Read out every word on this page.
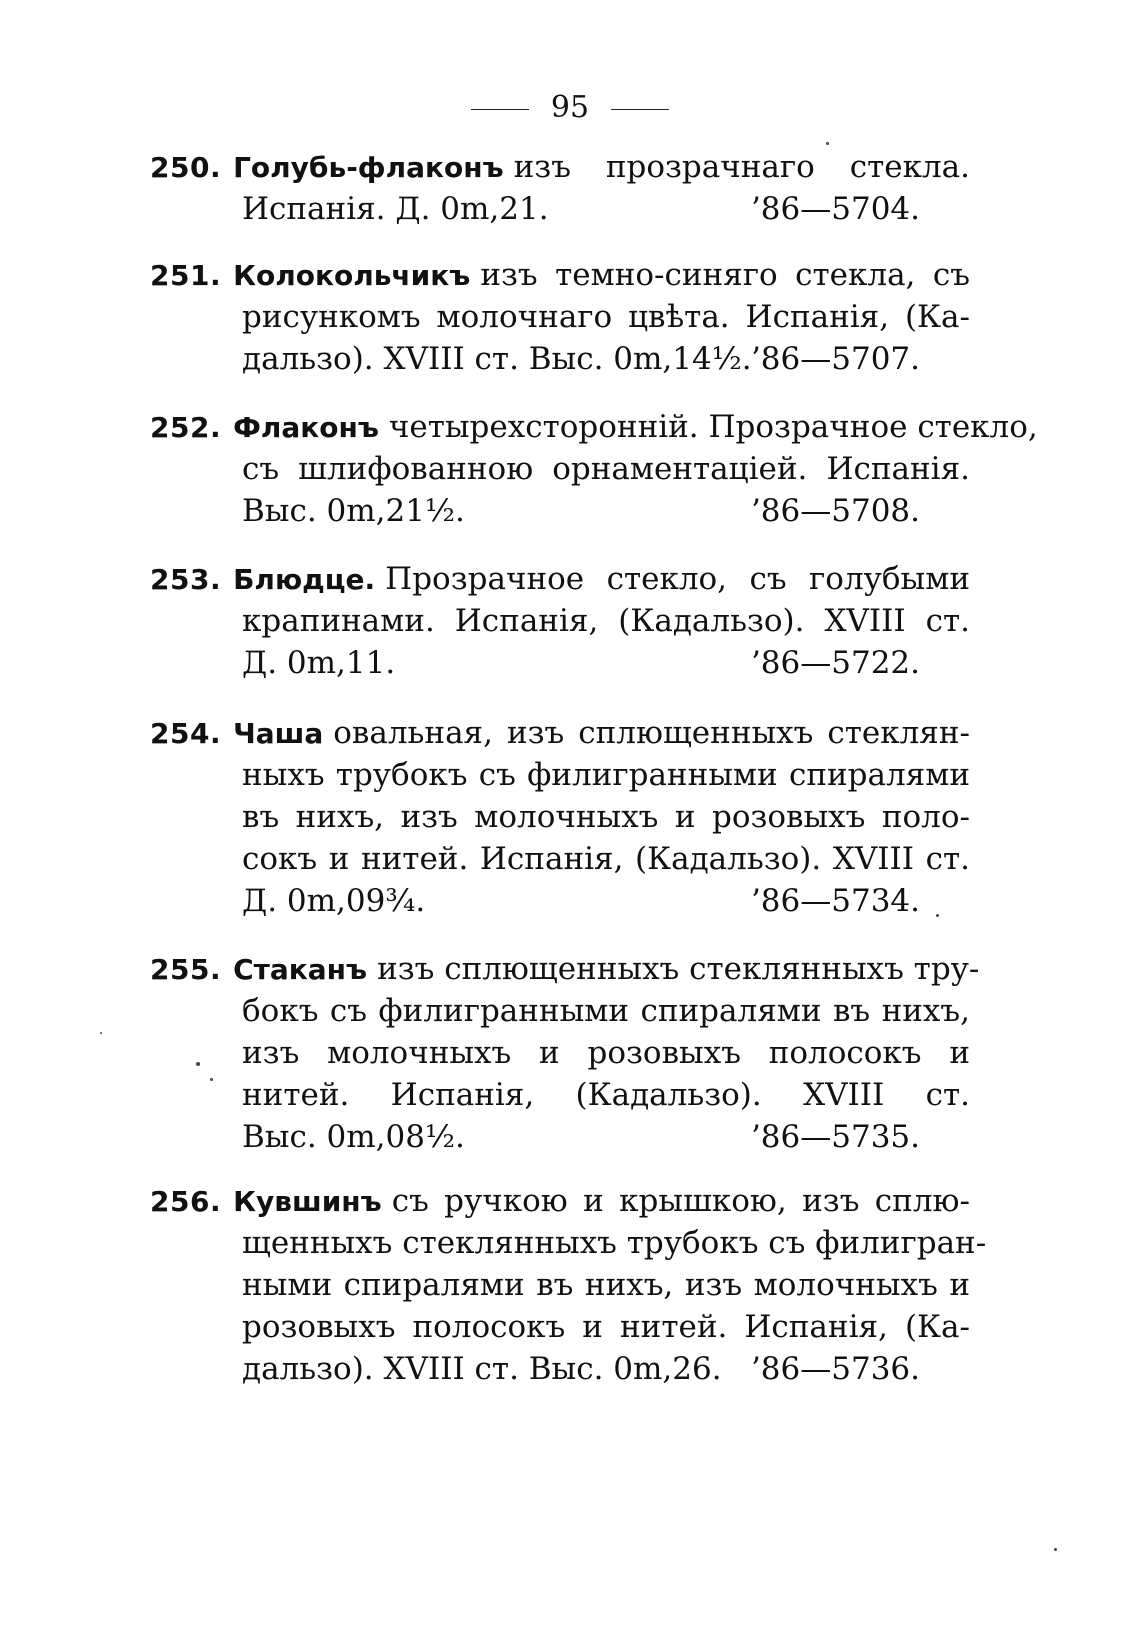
95
250. Голубь-флаконъ изъ прозрачнаго стекла.
Испанія. Д. 0m,21.	’86—5704.
251. Колокольчикъ изъ темно-синяго стекла, съ
рисункомъ молочнаго цвѣта. Испанія, (Ка-
дальзо). XVIII ст. Выс. 0m,14½. ’86—5707.
252. Флаконъ четырехсторонній. Прозрачное стекло,
съ шлифованною орнаментаціей. Испанія.
Выс. 0m,21½.	’86—5708.
253. Блюдце. Прозрачное стекло, съ голубыми
крапинами. Испанія, (Кадальзо). XVIII ст.
Д. 0m,11.	’86—5722.
254. Чаша овальная, изъ сплющенныхъ стеклян-
ныхъ трубокъ съ филигранными спиралями
въ нихъ, изъ молочныхъ и розовыхъ поло-
сокъ и нитей. Испанія, (Кадальзо). XVIII ст.
Д. 0m,09¾.	’86—5734.
255. Стаканъ изъ сплющенныхъ стеклянныхъ тру-
бокъ съ филигранными спиралями въ нихъ,
изъ молочныхъ и розовыхъ полосокъ и
нитей. Испанія, (Кадальзо). XVIII ст.
Выс. 0m,08½.	’86—5735.
256. Кувшинъ съ ручкою и крышкою, изъ сплю-
щенныхъ стеклянныхъ трубокъ съ филигран-
ными спиралями въ нихъ, изъ молочныхъ и
розовыхъ полосокъ и нитей. Испанія, (Ка-
дальзо). XVIII ст. Выс. 0m,26. ’86—5736.
